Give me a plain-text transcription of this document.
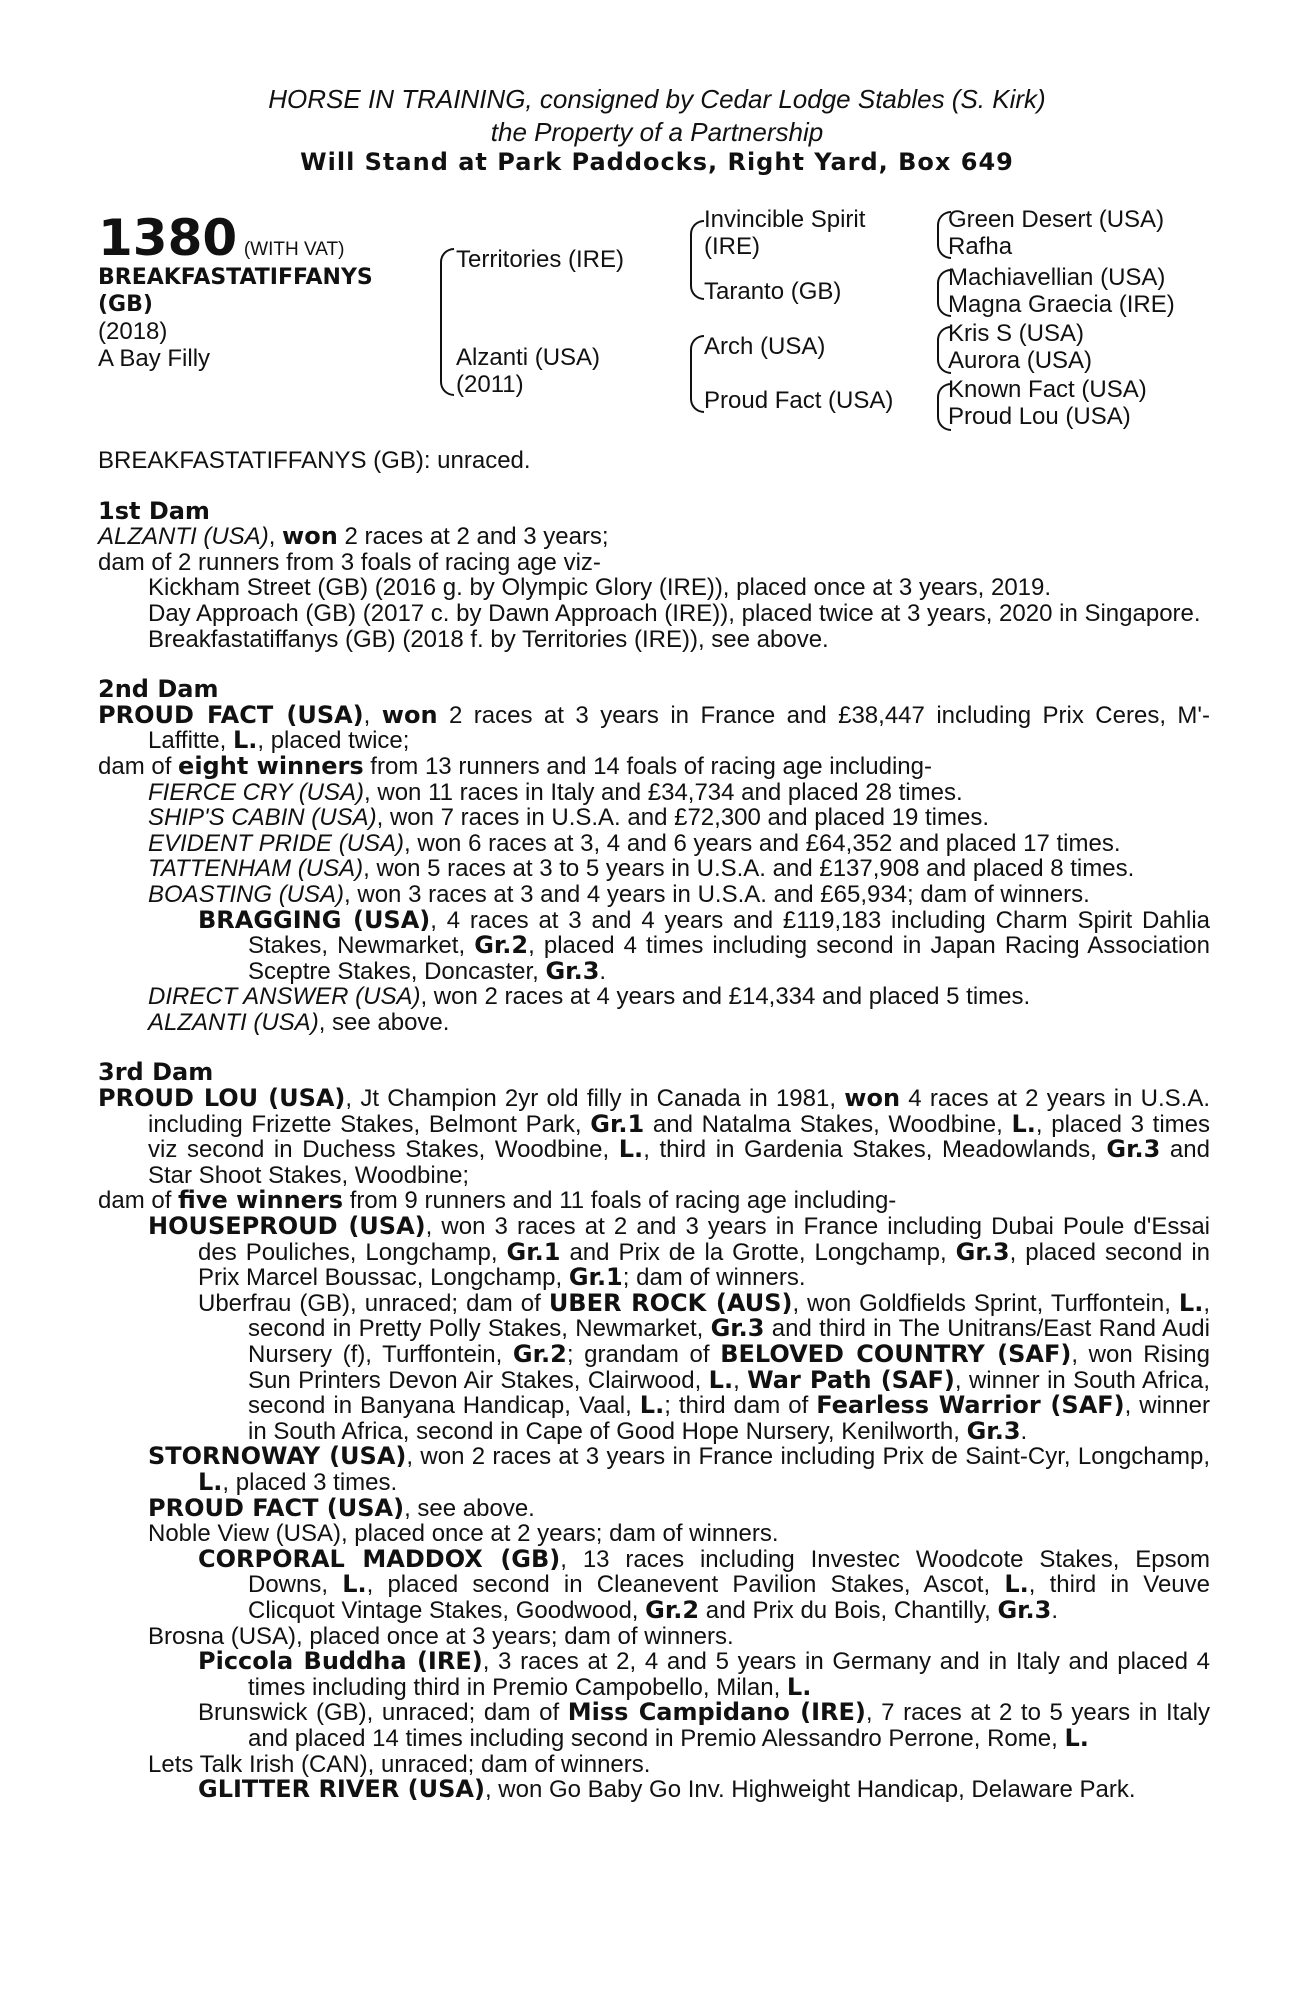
HORSE IN TRAINING, consigned by Cedar Lodge Stables (S. Kirk)
the Property of a Partnership
Will Stand at Park Paddocks, Right Yard, Box 649
1380 (WITH VAT)
BREAKFASTATIFFANYS
(GB)
(2018)
A Bay Filly
Territories (IRE)
Alzanti (USA)
(2011)
Invincible Spirit
(IRE)
Taranto (GB)
Arch (USA)
Proud Fact (USA)
Green Desert (USA)
Rafha
Machiavellian (USA)
Magna Graecia (IRE)
Kris S (USA)
Aurora (USA)
Known Fact (USA)
Proud Lou (USA)

BREAKFASTATIFFANYS (GB): unraced.

1st Dam

ALZANTI (USA), won 2 races at 2 and 3 years;

dam of 2 runners from 3 foals of racing age viz-

Kickham Street (GB) (2016 g. by Olympic Glory (IRE)), placed once at 3 years, 2019.

Day Approach (GB) (2017 c. by Dawn Approach (IRE)), placed twice at 3 years, 2020 in Singapore.

Breakfastatiffanys (GB) (2018 f. by Territories (IRE)), see above.

2nd Dam

PROUD FACT (USA), won 2 races at 3 years in France and £38,447 including Prix Ceres, M'-Laffitte, L., placed twice;

dam of eight winners from 13 runners and 14 foals of racing age including-

FIERCE CRY (USA), won 11 races in Italy and £34,734 and placed 28 times.

SHIP'S CABIN (USA), won 7 races in U.S.A. and £72,300 and placed 19 times.

EVIDENT PRIDE (USA), won 6 races at 3, 4 and 6 years and £64,352 and placed 17 times.

TATTENHAM (USA), won 5 races at 3 to 5 years in U.S.A. and £137,908 and placed 8 times.

BOASTING (USA), won 3 races at 3 and 4 years in U.S.A. and £65,934; dam of winners.

BRAGGING (USA), 4 races at 3 and 4 years and £119,183 including Charm Spirit Dahlia Stakes, Newmarket, Gr.2, placed 4 times including second in Japan Racing Association Sceptre Stakes, Doncaster, Gr.3.

DIRECT ANSWER (USA), won 2 races at 4 years and £14,334 and placed 5 times.

ALZANTI (USA), see above.

3rd Dam

PROUD LOU (USA), Jt Champion 2yr old filly in Canada in 1981, won 4 races at 2 years in U.S.A. including Frizette Stakes, Belmont Park, Gr.1 and Natalma Stakes, Woodbine, L., placed 3 times viz second in Duchess Stakes, Woodbine, L., third in Gardenia Stakes, Meadowlands, Gr.3 and Star Shoot Stakes, Woodbine;

dam of five winners from 9 runners and 11 foals of racing age including-

HOUSEPROUD (USA), won 3 races at 2 and 3 years in France including Dubai Poule d'Essai des Pouliches, Longchamp, Gr.1 and Prix de la Grotte, Longchamp, Gr.3, placed second in Prix Marcel Boussac, Longchamp, Gr.1; dam of winners.

Uberfrau (GB), unraced; dam of UBER ROCK (AUS), won Goldfields Sprint, Turffontein, L., second in Pretty Polly Stakes, Newmarket, Gr.3 and third in The Unitrans/East Rand Audi Nursery (f), Turffontein, Gr.2; grandam of BELOVED COUNTRY (SAF), won Rising Sun Printers Devon Air Stakes, Clairwood, L., War Path (SAF), winner in South Africa, second in Banyana Handicap, Vaal, L.; third dam of Fearless Warrior (SAF), winner in South Africa, second in Cape of Good Hope Nursery, Kenilworth, Gr.3.

STORNOWAY (USA), won 2 races at 3 years in France including Prix de Saint-Cyr, Longchamp, L., placed 3 times.

PROUD FACT (USA), see above.

Noble View (USA), placed once at 2 years; dam of winners.

CORPORAL MADDOX (GB), 13 races including Investec Woodcote Stakes, Epsom Downs, L., placed second in Cleanevent Pavilion Stakes, Ascot, L., third in Veuve Clicquot Vintage Stakes, Goodwood, Gr.2 and Prix du Bois, Chantilly, Gr.3.

Brosna (USA), placed once at 3 years; dam of winners.

Piccola Buddha (IRE), 3 races at 2, 4 and 5 years in Germany and in Italy and placed 4 times including third in Premio Campobello, Milan, L.

Brunswick (GB), unraced; dam of Miss Campidano (IRE), 7 races at 2 to 5 years in Italy and placed 14 times including second in Premio Alessandro Perrone, Rome, L.

Lets Talk Irish (CAN), unraced; dam of winners.

GLITTER RIVER (USA), won Go Baby Go Inv. Highweight Handicap, Delaware Park.
